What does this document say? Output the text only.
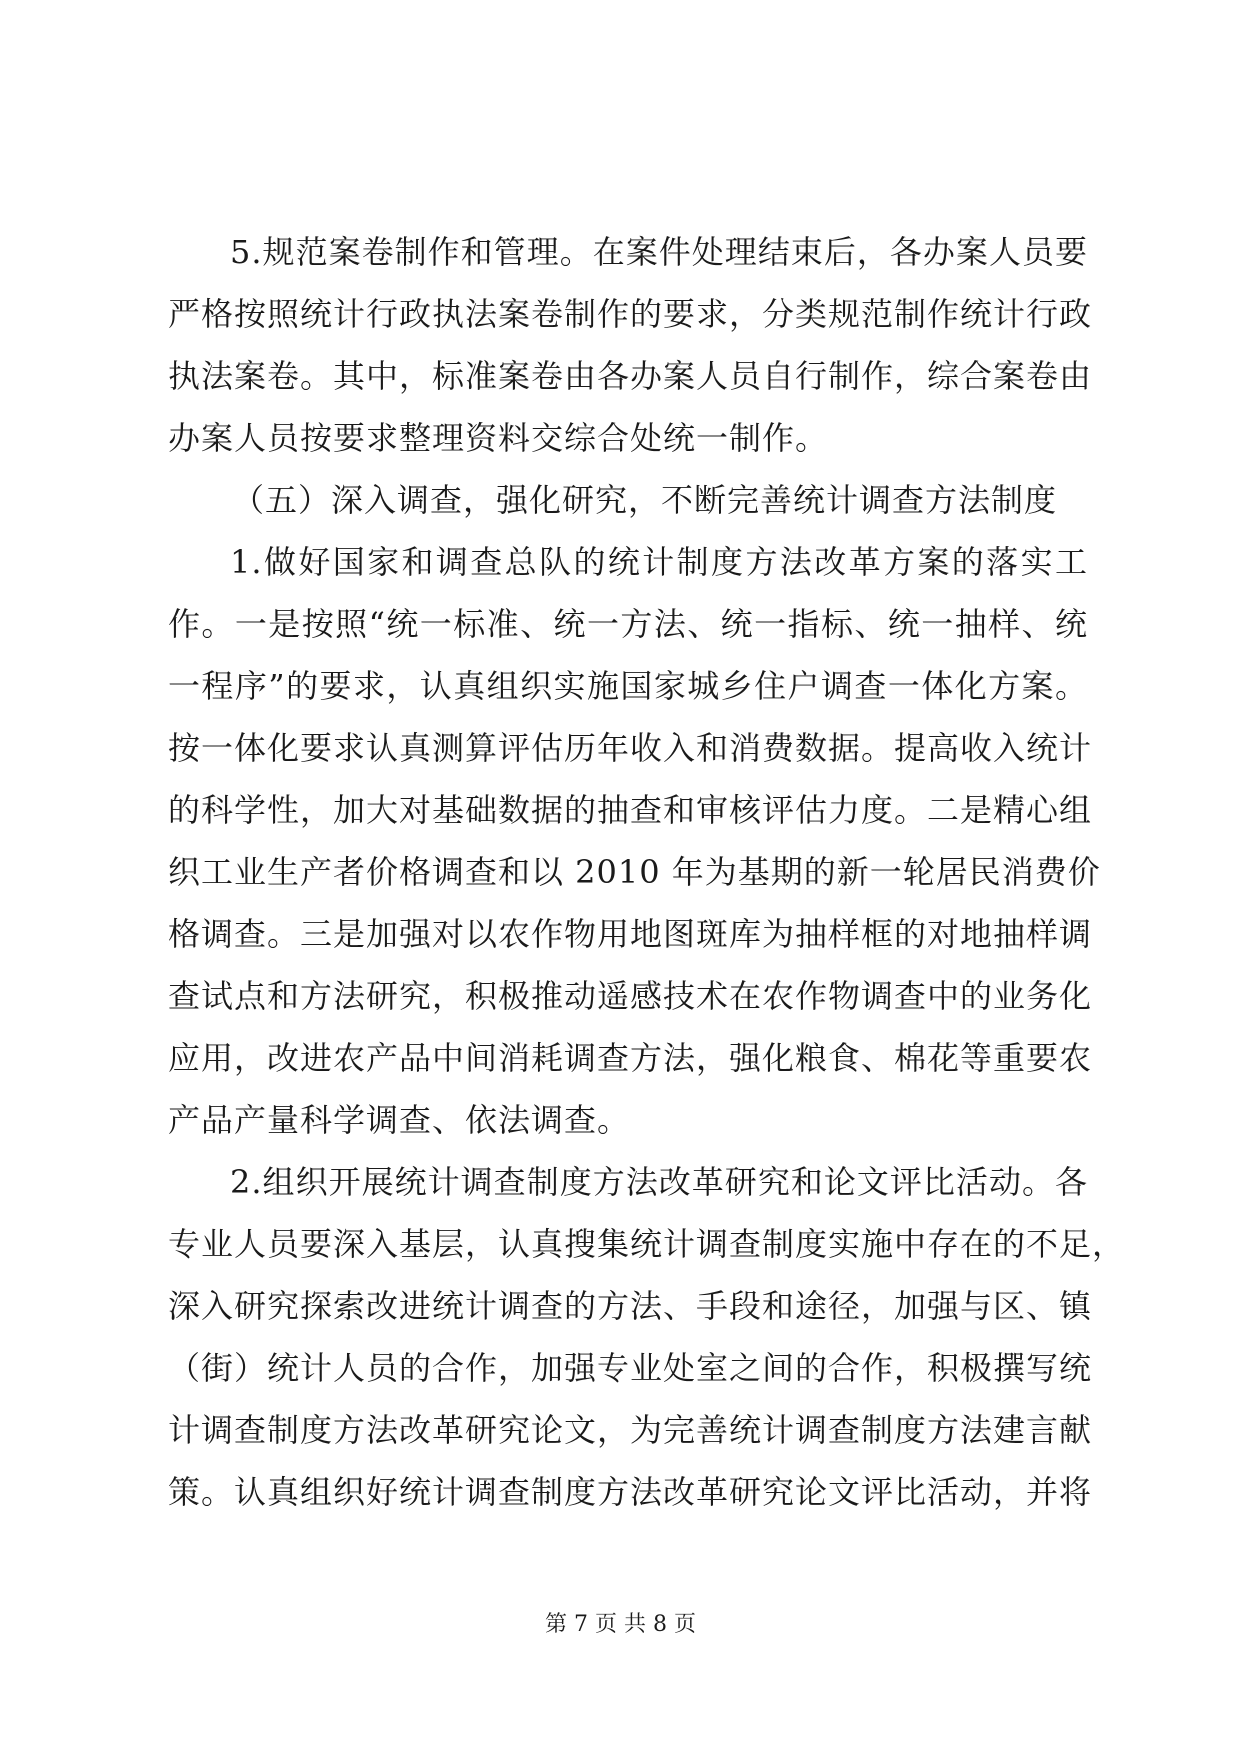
5.规范案卷制作和管理。在案件处理结束后，各办案人员要
严格按照统计行政执法案卷制作的要求，分类规范制作统计行政
执法案卷。其中，标准案卷由各办案人员自行制作，综合案卷由
办案人员按要求整理资料交综合处统一制作。
（五）深入调查，强化研究，不断完善统计调查方法制度
1.做好国家和调查总队的统计制度方法改革方案的落实工
作。一是按照“统一标准、统一方法、统一指标、统一抽样、统
一程序”的要求，认真组织实施国家城乡住户调查一体化方案。
按一体化要求认真测算评估历年收入和消费数据。提高收入统计
的科学性，加大对基础数据的抽查和审核评估力度。二是精心组
织工业生产者价格调查和以 2010 年为基期的新一轮居民消费价
格调查。三是加强对以农作物用地图斑库为抽样框的对地抽样调
查试点和方法研究，积极推动遥感技术在农作物调查中的业务化
应用，改进农产品中间消耗调查方法，强化粮食、棉花等重要农
产品产量科学调查、依法调查。
2.组织开展统计调查制度方法改革研究和论文评比活动。各
专业人员要深入基层，认真搜集统计调查制度实施中存在的不足，
深入研究探索改进统计调查的方法、手段和途径，加强与区、镇
（街）统计人员的合作，加强专业处室之间的合作，积极撰写统
计调查制度方法改革研究论文，为完善统计调查制度方法建言献
策。认真组织好统计调查制度方法改革研究论文评比活动，并将
第 7 页 共 8 页
